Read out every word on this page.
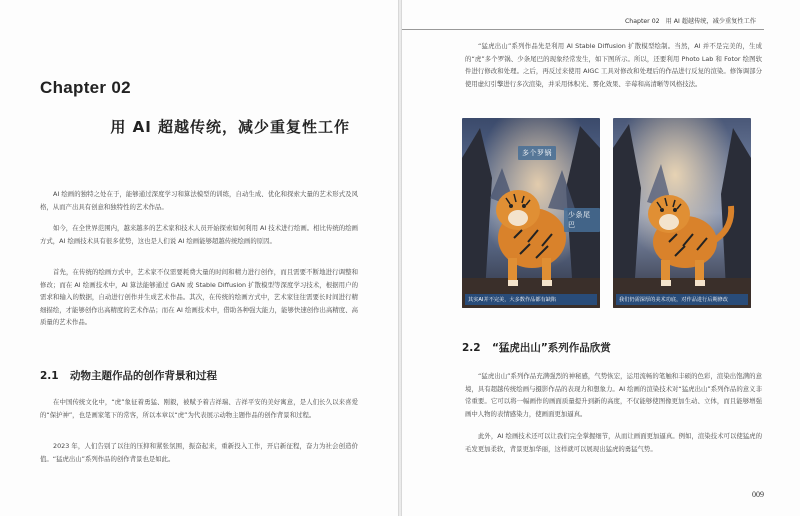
Chapter 02
用 AI 超越传统，减少重复性工作

AI 绘画的独特之处在于，能够通过深度学习和算法模型的训练，自动生成、优化和探索大量的艺术形式及风格，从而产出具有创意和独特性的艺术作品。

如今，在全世界范围内，越来越多的艺术家和技术人员开始探索如何利用 AI 技术进行绘画。相比传统的绘画方式，AI 绘画技术具有很多优势，这也是人们说 AI 绘画能够超越传统绘画的原因。

首先，在传统的绘画方式中，艺术家不仅需要耗费大量的时间和精力进行创作，而且需要不断地进行调整和修改；而在 AI 绘画技术中，AI 算法能够通过 GAN 或 Stable Diffusion 扩散模型等深度学习技术，根据用户的需求和输入的数据，自动进行创作并生成艺术作品。其次，在传统的绘画方式中，艺术家往往需要长时间进行精细描绘，才能够创作出高精度的艺术作品；而在 AI 绘画技术中，借助各种强大能力，能够快速创作出高精度、高质量的艺术作品。

2.1 动物主题作品的创作背景和过程

在中国传统文化中，“虎”象征着勇猛、刚毅，被赋予着吉祥瑞、吉祥平安的美好寓意，是人们长久以来喜爱的“保护神”，也是画家笔下的常客，所以本章以“虎”为代表展示动物主题作品的创作背景和过程。

2023 年，人们告别了以往的压抑和紧张氛围，振奋起来，重新投入工作，开启新征程，奋力为社会创造价值。“猛虎出山”系列作品的创作背景也是如此。

Chapter 02 用 AI 超越传统，减少重复性工作

“猛虎出山”系列作品先是利用 AI Stable Diffusion 扩散模型绘制。当然，AI 并不是完美的，生成的“虎”多个罗锅、少条尾巴的现象经常发生，如下图所示。所以，还要利用 Photo Lab 和 Fotor 绘图软件进行修改和处理。之后，再反过来使用 AIGC 工具对修改和处理后的作品进行反复的渲染。修饰调部分使用虚幻引擎进行多次渲染，并采用体积光、雾化效果、辛莓和高清晰等风格技法。

多个罗锅
少条尾巴
其实AI并不完美，大多数作品都有缺陷	我们仍需深厚的美术功底，对作品进行后期修改
2.2 “猛虎出山”系列作品欣赏

“猛虎出山”系列作品充满强烈的神秘感，气势恢宏，运用流畅的笔触和丰硕的色彩，渲染出饱满的意境，具有超越传统绘画与摄影作品的表现力和想象力。AI 绘画的渲染技术对“猛虎出山”系列作品的意义非常重要。它可以将一幅画作的画面质量提升到新的高度，不仅能够使图像更加生动、立体，而且能够增强画中人物的表情感染力，使画面更加逼真。

此外，AI 绘画技术还可以让我们完全掌握细节，从而让画面更加逼真。例如，渲染技术可以使猛虎的毛发更加柔软，背景更加华丽，这样就可以展现出猛虎的勇猛气势。

009
